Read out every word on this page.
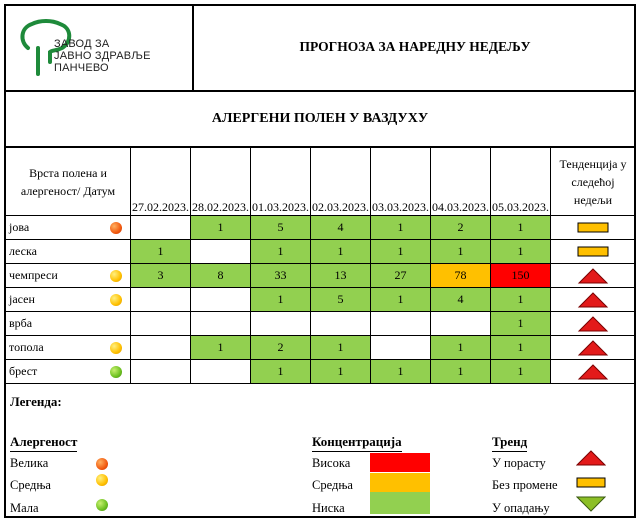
ЗАВОД ЗА
ЈАВНО ЗДРАВЉЕ
ПАНЧЕВО
ПРОГНОЗА ЗА НАРЕДНУ НЕДЕЉУ
АЛЕРГЕНИ ПОЛЕН У ВАЗДУХУ
Врста полена и алергеност/ Датум	27.02.2023.	28.02.2023.	01.03.2023.	02.03.2023.	03.03.2023.	04.03.2023.	05.03.2023.	Тенденција у следећој недељи

јова		1	5	4	1	2	1	

леска	1		1	1	1	1	1	

чемпреси	3	8	33	13	27	78	150	

јасен			1	5	1	4	1	

врба							1	

топола		1	2	1		1	1	

брест			1	1	1	1	1	
Легенда:
Алергеност
Велика
Средња
Мала
Концентрација
Висока
Средња
Ниска
Тренд
У порасту
Без промене
У опадању
